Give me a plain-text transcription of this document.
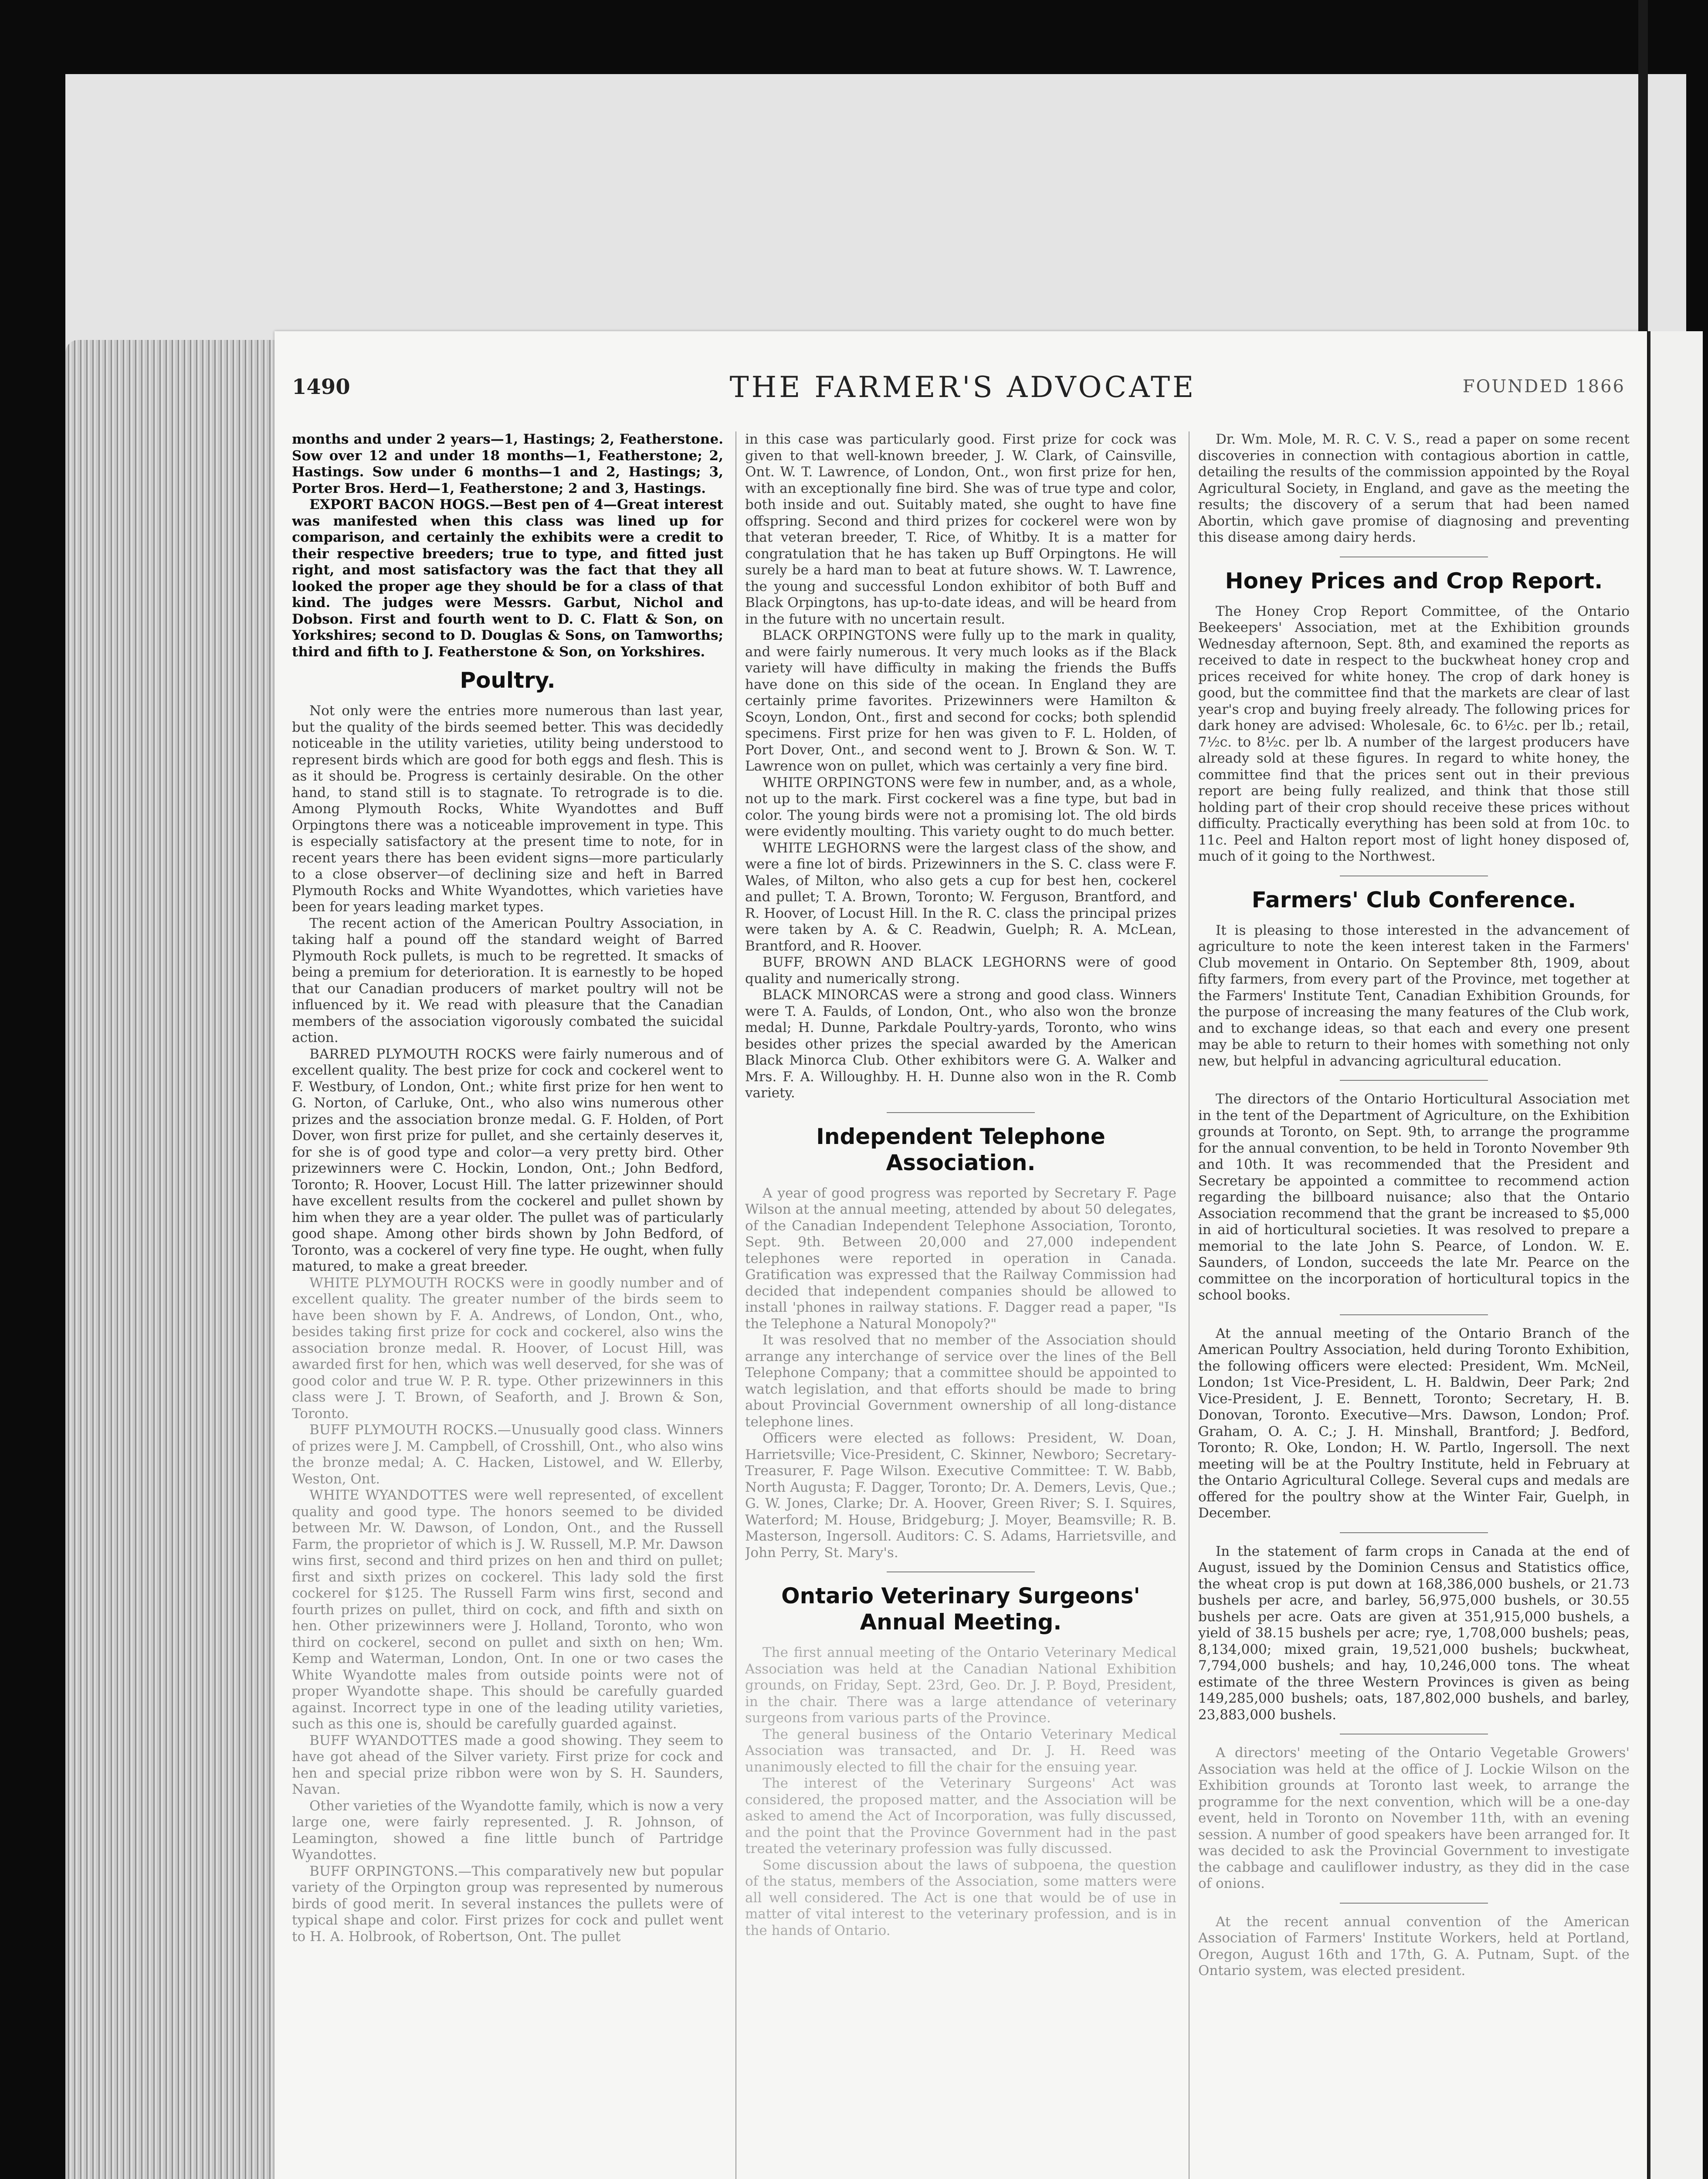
1490	THE FARMER'S ADVOCATE	FOUNDED 1866

months and under 2 years—1, Hastings; 2, Featherstone. Sow over 12 and under 18 months—1, Featherstone; 2, Hastings. Sow under 6 months—1 and 2, Hastings; 3, Porter Bros. Herd—1, Featherstone; 2 and 3, Hastings.

EXPORT BACON HOGS.—Best pen of 4—Great interest was manifested when this class was lined up for comparison, and certainly the exhibits were a credit to their respective breeders; true to type, and fitted just right, and most satisfactory was the fact that they all looked the proper age they should be for a class of that kind. The judges were Messrs. Garbut, Nichol and Dobson. First and fourth went to D. C. Flatt & Son, on Yorkshires; second to D. Douglas & Sons, on Tamworths; third and fifth to J. Featherstone & Son, on Yorkshires.

Poultry.

Not only were the entries more numerous than last year, but the quality of the birds seemed better. This was decidedly noticeable in the utility varieties, utility being understood to represent birds which are good for both eggs and flesh. This is as it should be. Progress is certainly desirable. On the other hand, to stand still is to stagnate. To retrograde is to die. Among Plymouth Rocks, White Wyandottes and Buff Orpingtons there was a noticeable improvement in type. This is especially satisfactory at the present time to note, for in recent years there has been evident signs—more particularly to a close observer—of declining size and heft in Barred Plymouth Rocks and White Wyandottes, which varieties have been for years leading market types.

The recent action of the American Poultry Association, in taking half a pound off the standard weight of Barred Plymouth Rock pullets, is much to be regretted. It smacks of being a premium for deterioration. It is earnestly to be hoped that our Canadian producers of market poultry will not be influenced by it. We read with pleasure that the Canadian members of the association vigorously combated the suicidal action.

BARRED PLYMOUTH ROCKS were fairly numerous and of excellent quality. The best prize for cock and cockerel went to F. Westbury, of London, Ont.; white first prize for hen went to G. Norton, of Carluke, Ont., who also wins numerous other prizes and the association bronze medal. G. F. Holden, of Port Dover, won first prize for pullet, and she certainly deserves it, for she is of good type and color—a very pretty bird. Other prizewinners were C. Hockin, London, Ont.; John Bedford, Toronto; R. Hoover, Locust Hill. The latter prizewinner should have excellent results from the cockerel and pullet shown by him when they are a year older. The pullet was of particularly good shape. Among other birds shown by John Bedford, of Toronto, was a cockerel of very fine type. He ought, when fully matured, to make a great breeder.

WHITE PLYMOUTH ROCKS were in goodly number and of excellent quality. The greater number of the birds seem to have been shown by F. A. Andrews, of London, Ont., who, besides taking first prize for cock and cockerel, also wins the association bronze medal. R. Hoover, of Locust Hill, was awarded first for hen, which was well deserved, for she was of good color and true W. P. R. type. Other prizewinners in this class were J. T. Brown, of Seaforth, and J. Brown & Son, Toronto.

BUFF PLYMOUTH ROCKS.—Unusually good class. Winners of prizes were J. M. Campbell, of Crosshill, Ont., who also wins the bronze medal; A. C. Hacken, Listowel, and W. Ellerby, Weston, Ont.

WHITE WYANDOTTES were well represented, of excellent quality and good type. The honors seemed to be divided between Mr. W. Dawson, of London, Ont., and the Russell Farm, the proprietor of which is J. W. Russell, M.P. Mr. Dawson wins first, second and third prizes on hen and third on pullet; first and sixth prizes on cockerel. This lady sold the first cockerel for $125. The Russell Farm wins first, second and fourth prizes on pullet, third on cock, and fifth and sixth on hen. Other prizewinners were J. Holland, Toronto, who won third on cockerel, second on pullet and sixth on hen; Wm. Kemp and Waterman, London, Ont. In one or two cases the White Wyandotte males from outside points were not of proper Wyandotte shape. This should be carefully guarded against. Incorrect type in one of the leading utility varieties, such as this one is, should be carefully guarded against.

BUFF WYANDOTTES made a good showing. They seem to have got ahead of the Silver variety. First prize for cock and hen and special prize ribbon were won by S. H. Saunders, Navan.

Other varieties of the Wyandotte family, which is now a very large one, were fairly represented. J. R. Johnson, of Leamington, showed a fine little bunch of Partridge Wyandottes.

BUFF ORPINGTONS.—This comparatively new but popular variety of the Orpington group was represented by numerous birds of good merit. In several instances the pullets were of typical shape and color. First prizes for cock and pullet went to H. A. Holbrook, of Robertson, Ont. The pullet

in this case was particularly good. First prize for cock was given to that well-known breeder, J. W. Clark, of Cainsville, Ont. W. T. Lawrence, of London, Ont., won first prize for hen, with an exceptionally fine bird. She was of true type and color, both inside and out. Suitably mated, she ought to have fine offspring. Second and third prizes for cockerel were won by that veteran breeder, T. Rice, of Whitby. It is a matter for congratulation that he has taken up Buff Orpingtons. He will surely be a hard man to beat at future shows. W. T. Lawrence, the young and successful London exhibitor of both Buff and Black Orpingtons, has up-to-date ideas, and will be heard from in the future with no uncertain result.

BLACK ORPINGTONS were fully up to the mark in quality, and were fairly numerous. It very much looks as if the Black variety will have difficulty in making the friends the Buffs have done on this side of the ocean. In England they are certainly prime favorites. Prizewinners were Hamilton & Scoyn, London, Ont., first and second for cocks; both splendid specimens. First prize for hen was given to F. L. Holden, of Port Dover, Ont., and second went to J. Brown & Son. W. T. Lawrence won on pullet, which was certainly a very fine bird.

WHITE ORPINGTONS were few in number, and, as a whole, not up to the mark. First cockerel was a fine type, but bad in color. The young birds were not a promising lot. The old birds were evidently moulting. This variety ought to do much better.

WHITE LEGHORNS were the largest class of the show, and were a fine lot of birds. Prizewinners in the S. C. class were F. Wales, of Milton, who also gets a cup for best hen, cockerel and pullet; T. A. Brown, Toronto; W. Ferguson, Brantford, and R. Hoover, of Locust Hill. In the R. C. class the principal prizes were taken by A. & C. Readwin, Guelph; R. A. McLean, Brantford, and R. Hoover.

BUFF, BROWN AND BLACK LEGHORNS were of good quality and numerically strong.

BLACK MINORCAS were a strong and good class. Winners were T. A. Faulds, of London, Ont., who also won the bronze medal; H. Dunne, Parkdale Poultry-yards, Toronto, who wins besides other prizes the special awarded by the American Black Minorca Club. Other exhibitors were G. A. Walker and Mrs. F. A. Willoughby. H. H. Dunne also won in the R. Comb variety.

Independent Telephone Association.

A year of good progress was reported by Secretary F. Page Wilson at the annual meeting, attended by about 50 delegates, of the Canadian Independent Telephone Association, Toronto, Sept. 9th. Between 20,000 and 27,000 independent telephones were reported in operation in Canada. Gratification was expressed that the Railway Commission had decided that independent companies should be allowed to install 'phones in railway stations. F. Dagger read a paper, "Is the Telephone a Natural Monopoly?"

It was resolved that no member of the Association should arrange any interchange of service over the lines of the Bell Telephone Company; that a committee should be appointed to watch legislation, and that efforts should be made to bring about Provincial Government ownership of all long-distance telephone lines.

Officers were elected as follows: President, W. Doan, Harrietsville; Vice-President, C. Skinner, Newboro; Secretary-Treasurer, F. Page Wilson. Executive Committee: T. W. Babb, North Augusta; F. Dagger, Toronto; Dr. A. Demers, Levis, Que.; G. W. Jones, Clarke; Dr. A. Hoover, Green River; S. I. Squires, Waterford; M. House, Bridgeburg; J. Moyer, Beamsville; R. B. Masterson, Ingersoll. Auditors: C. S. Adams, Harrietsville, and John Perry, St. Mary's.

Ontario Veterinary Surgeons' Annual Meeting.

The first annual meeting of the Ontario Veterinary Medical Association was held at the Canadian National Exhibition grounds, on Friday, Sept. 23rd, Geo. Dr. J. P. Boyd, President, in the chair. There was a large attendance of veterinary surgeons from various parts of the Province.

The general business of the Ontario Veterinary Medical Association was transacted, and Dr. J. H. Reed was unanimously elected to fill the chair for the ensuing year.

The interest of the Veterinary Surgeons' Act was considered, the proposed matter, and the Association will be asked to amend the Act of Incorporation, was fully discussed, and the point that the Province Government had in the past treated the veterinary profession was fully discussed.

Some discussion about the laws of subpoena, the question of the status, members of the Association, some matters were all well considered. The Act is one that would be of use in matter of vital interest to the veterinary profession, and is in the hands of Ontario.

Dr. Wm. Mole, M. R. C. V. S., read a paper on some recent discoveries in connection with contagious abortion in cattle, detailing the results of the commission appointed by the Royal Agricultural Society, in England, and gave as the meeting the results; the discovery of a serum that had been named Abortin, which gave promise of diagnosing and preventing this disease among dairy herds.

Honey Prices and Crop Report.

The Honey Crop Report Committee, of the Ontario Beekeepers' Association, met at the Exhibition grounds Wednesday afternoon, Sept. 8th, and examined the reports as received to date in respect to the buckwheat honey crop and prices received for white honey. The crop of dark honey is good, but the committee find that the markets are clear of last year's crop and buying freely already. The following prices for dark honey are advised: Wholesale, 6c. to 6½c. per lb.; retail, 7½c. to 8½c. per lb. A number of the largest producers have already sold at these figures. In regard to white honey, the committee find that the prices sent out in their previous report are being fully realized, and think that those still holding part of their crop should receive these prices without difficulty. Practically everything has been sold at from 10c. to 11c. Peel and Halton report most of light honey disposed of, much of it going to the Northwest.

Farmers' Club Conference.

It is pleasing to those interested in the advancement of agriculture to note the keen interest taken in the Farmers' Club movement in Ontario. On September 8th, 1909, about fifty farmers, from every part of the Province, met together at the Farmers' Institute Tent, Canadian Exhibition Grounds, for the purpose of increasing the many features of the Club work, and to exchange ideas, so that each and every one present may be able to return to their homes with something not only new, but helpful in advancing agricultural education.

The directors of the Ontario Horticultural Association met in the tent of the Department of Agriculture, on the Exhibition grounds at Toronto, on Sept. 9th, to arrange the programme for the annual convention, to be held in Toronto November 9th and 10th. It was recommended that the President and Secretary be appointed a committee to recommend action regarding the billboard nuisance; also that the Ontario Association recommend that the grant be increased to $5,000 in aid of horticultural societies. It was resolved to prepare a memorial to the late John S. Pearce, of London. W. E. Saunders, of London, succeeds the late Mr. Pearce on the committee on the incorporation of horticultural topics in the school books.

At the annual meeting of the Ontario Branch of the American Poultry Association, held during Toronto Exhibition, the following officers were elected: President, Wm. McNeil, London; 1st Vice-President, L. H. Baldwin, Deer Park; 2nd Vice-President, J. E. Bennett, Toronto; Secretary, H. B. Donovan, Toronto. Executive—Mrs. Dawson, London; Prof. Graham, O. A. C.; J. H. Minshall, Brantford; J. Bedford, Toronto; R. Oke, London; H. W. Partlo, Ingersoll. The next meeting will be at the Poultry Institute, held in February at the Ontario Agricultural College. Several cups and medals are offered for the poultry show at the Winter Fair, Guelph, in December.

In the statement of farm crops in Canada at the end of August, issued by the Dominion Census and Statistics office, the wheat crop is put down at 168,386,000 bushels, or 21.73 bushels per acre, and barley, 56,975,000 bushels, or 30.55 bushels per acre. Oats are given at 351,915,000 bushels, a yield of 38.15 bushels per acre; rye, 1,708,000 bushels; peas, 8,134,000; mixed grain, 19,521,000 bushels; buckwheat, 7,794,000 bushels; and hay, 10,246,000 tons. The wheat estimate of the three Western Provinces is given as being 149,285,000 bushels; oats, 187,802,000 bushels, and barley, 23,883,000 bushels.

A directors' meeting of the Ontario Vegetable Growers' Association was held at the office of J. Lockie Wilson on the Exhibition grounds at Toronto last week, to arrange the programme for the next convention, which will be a one-day event, held in Toronto on November 11th, with an evening session. A number of good speakers have been arranged for. It was decided to ask the Provincial Government to investigate the cabbage and cauliflower industry, as they did in the case of onions.

At the recent annual convention of the American Association of Farmers' Institute Workers, held at Portland, Oregon, August 16th and 17th, G. A. Putnam, Supt. of the Ontario system, was elected president.
